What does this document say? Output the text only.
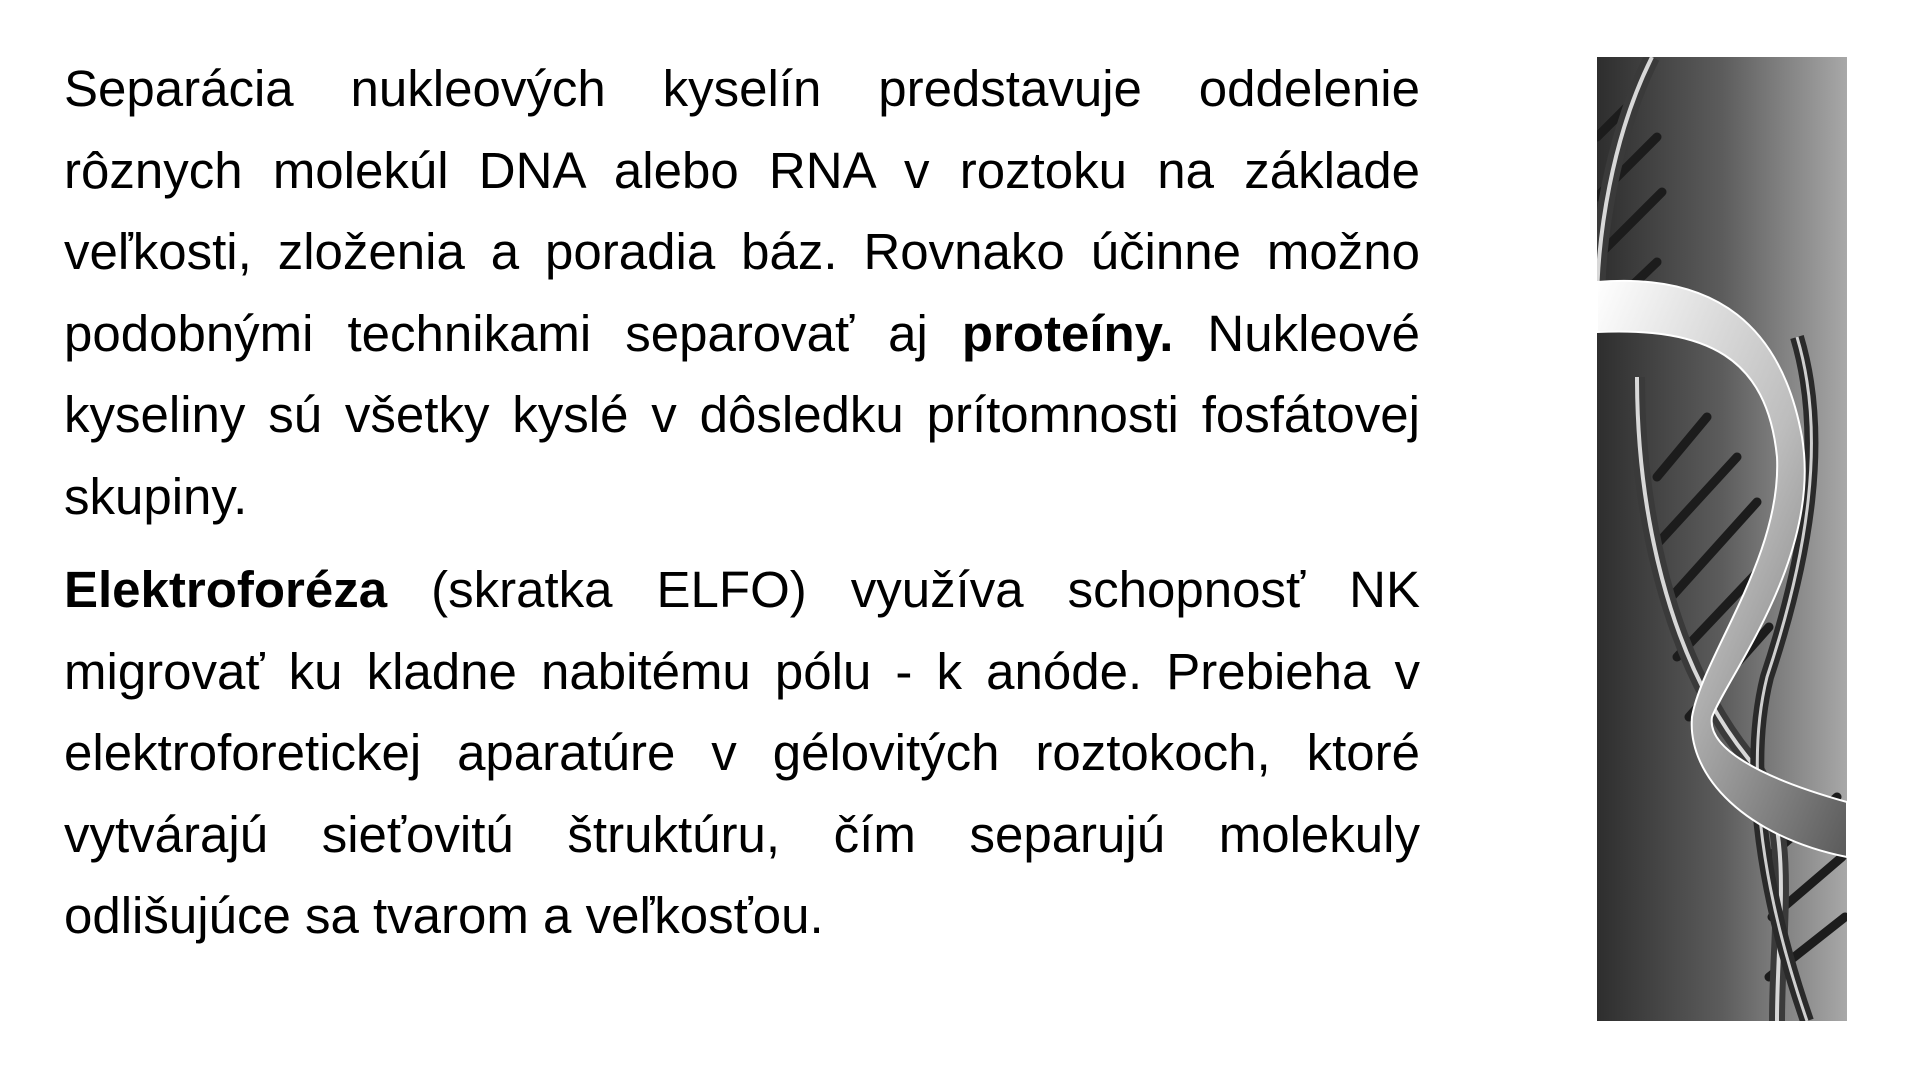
Separácia nukleových kyselín predstavuje oddelenie rôznych molekúl DNA alebo RNA v roztoku na základe veľkosti, zloženia a poradia báz. Rovnako účinne možno podobnými technikami separovať aj proteíny. Nukleové kyseliny sú všetky kyslé v dôsledku prítomnosti fosfátovej skupiny.

Elektroforéza (skratka ELFO) využíva schopnosť NK migrovať ku kladne nabitému pólu - k anóde. Prebieha v elektroforetickej aparatúre v gélovitých roztokoch, ktoré vytvárajú sieťovitú štruktúru, čím separujú molekuly odlišujúce sa tvarom a veľkosťou.
